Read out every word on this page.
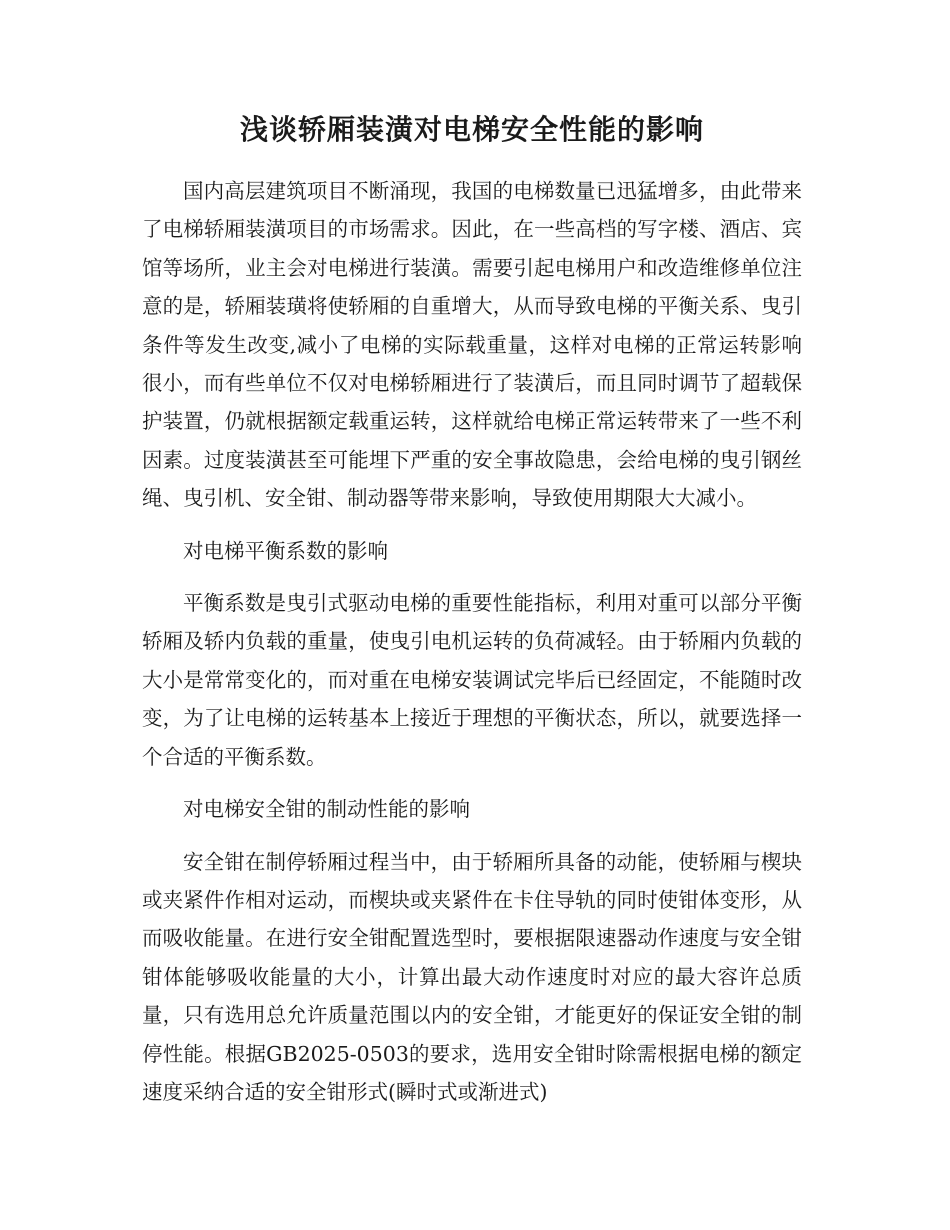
浅谈轿厢装潢对电梯安全性能的影响

国内高层建筑项目不断涌现，我国的电梯数量已迅猛增多，由此带来了电梯轿厢装潢项目的市场需求。因此，在一些高档的写字楼、酒店、宾馆等场所，业主会对电梯进行装潢。需要引起电梯用户和改造维修单位注意的是，轿厢装璜将使轿厢的自重增大，从而导致电梯的平衡关系、曳引条件等发生改变,减小了电梯的实际载重量，这样对电梯的正常运转影响很小，而有些单位不仅对电梯轿厢进行了装潢后，而且同时调节了超载保护装置，仍就根据额定载重运转，这样就给电梯正常运转带来了一些不利因素。过度装潢甚至可能埋下严重的安全事故隐患，会给电梯的曳引钢丝绳、曳引机、安全钳、制动器等带来影响，导致使用期限大大减小。

对电梯平衡系数的影响

平衡系数是曳引式驱动电梯的重要性能指标，利用对重可以部分平衡轿厢及轿内负载的重量，使曳引电机运转的负荷减轻。由于轿厢内负载的大小是常常变化的，而对重在电梯安装调试完毕后已经固定，不能随时改变，为了让电梯的运转基本上接近于理想的平衡状态，所以，就要选择一个合适的平衡系数。

对电梯安全钳的制动性能的影响

安全钳在制停轿厢过程当中，由于轿厢所具备的动能，使轿厢与楔块或夹紧件作相对运动，而楔块或夹紧件在卡住导轨的同时使钳体变形，从而吸收能量。在进行安全钳配置选型时，要根据限速器动作速度与安全钳钳体能够吸收能量的大小，计算出最大动作速度时对应的最大容许总质量，只有选用总允许质量范围以内的安全钳，才能更好的保证安全钳的制停性能。根据GB2025-0503的要求，选用安全钳时除需根据电梯的额定速度采纳合适的安全钳形式(瞬时式或渐进式)
